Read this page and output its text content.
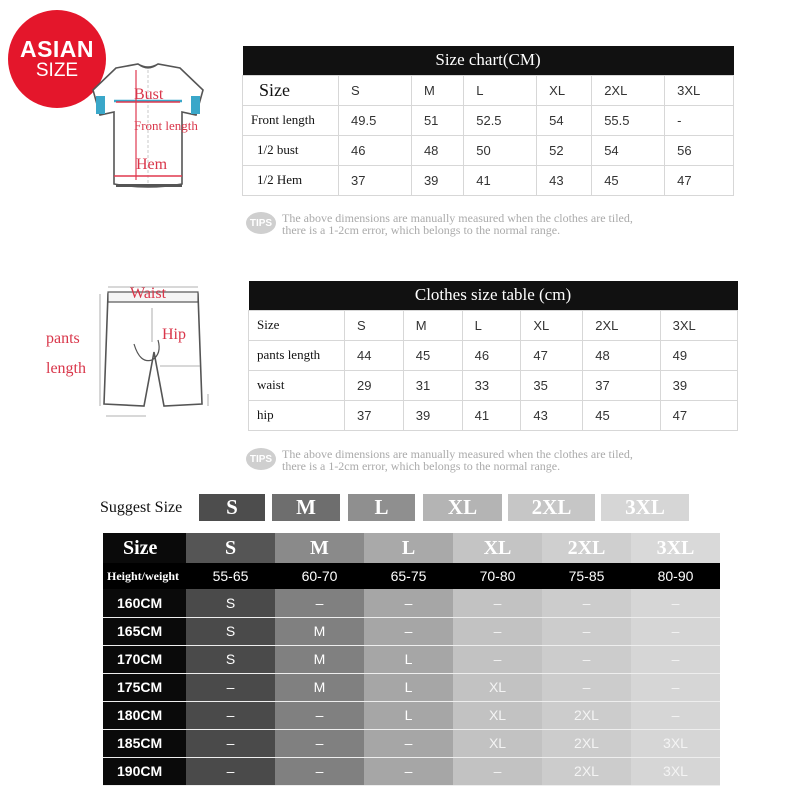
ASIAN
SIZE
Bust
Front length
Hem
Size chart(CM)						
Size	S	M	L	XL	2XL	3XL
Front length	49.5	51	52.5	54	55.5	-
1/2 bust	46	48	50	52	54	56
1/2 Hem	37	39	41	43	45	47
TIPS The above dimensions are manually measured when the clothes are tiled,
there is a 1-2cm error, which belongs to the normal range.
Waist
Hip
pants
length
Clothes size table (cm)						
Size	S	M	L	XL	2XL	3XL
pants length	44	45	46	47	48	49
waist	29	31	33	35	37	39
hip	37	39	41	43	45	47
TIPS The above dimensions are manually measured when the clothes are tiled,
there is a 1-2cm error, which belongs to the normal range.
Suggest Size	S	M	L	XL	2XL	3XL
Size	S	M	L	XL	2XL	3XL
Height/weight	55-65	60-70	65-75	70-80	75-85	80-90
160CM	S	–	–	–	–	–
165CM	S	M	–	–	–	–
170CM	S	M	L	–	–	–
175CM	–	M	L	XL	–	–
180CM	–	–	L	XL	2XL	–
185CM	–	–	–	XL	2XL	3XL
190CM	–	–	–	–	2XL	3XL
